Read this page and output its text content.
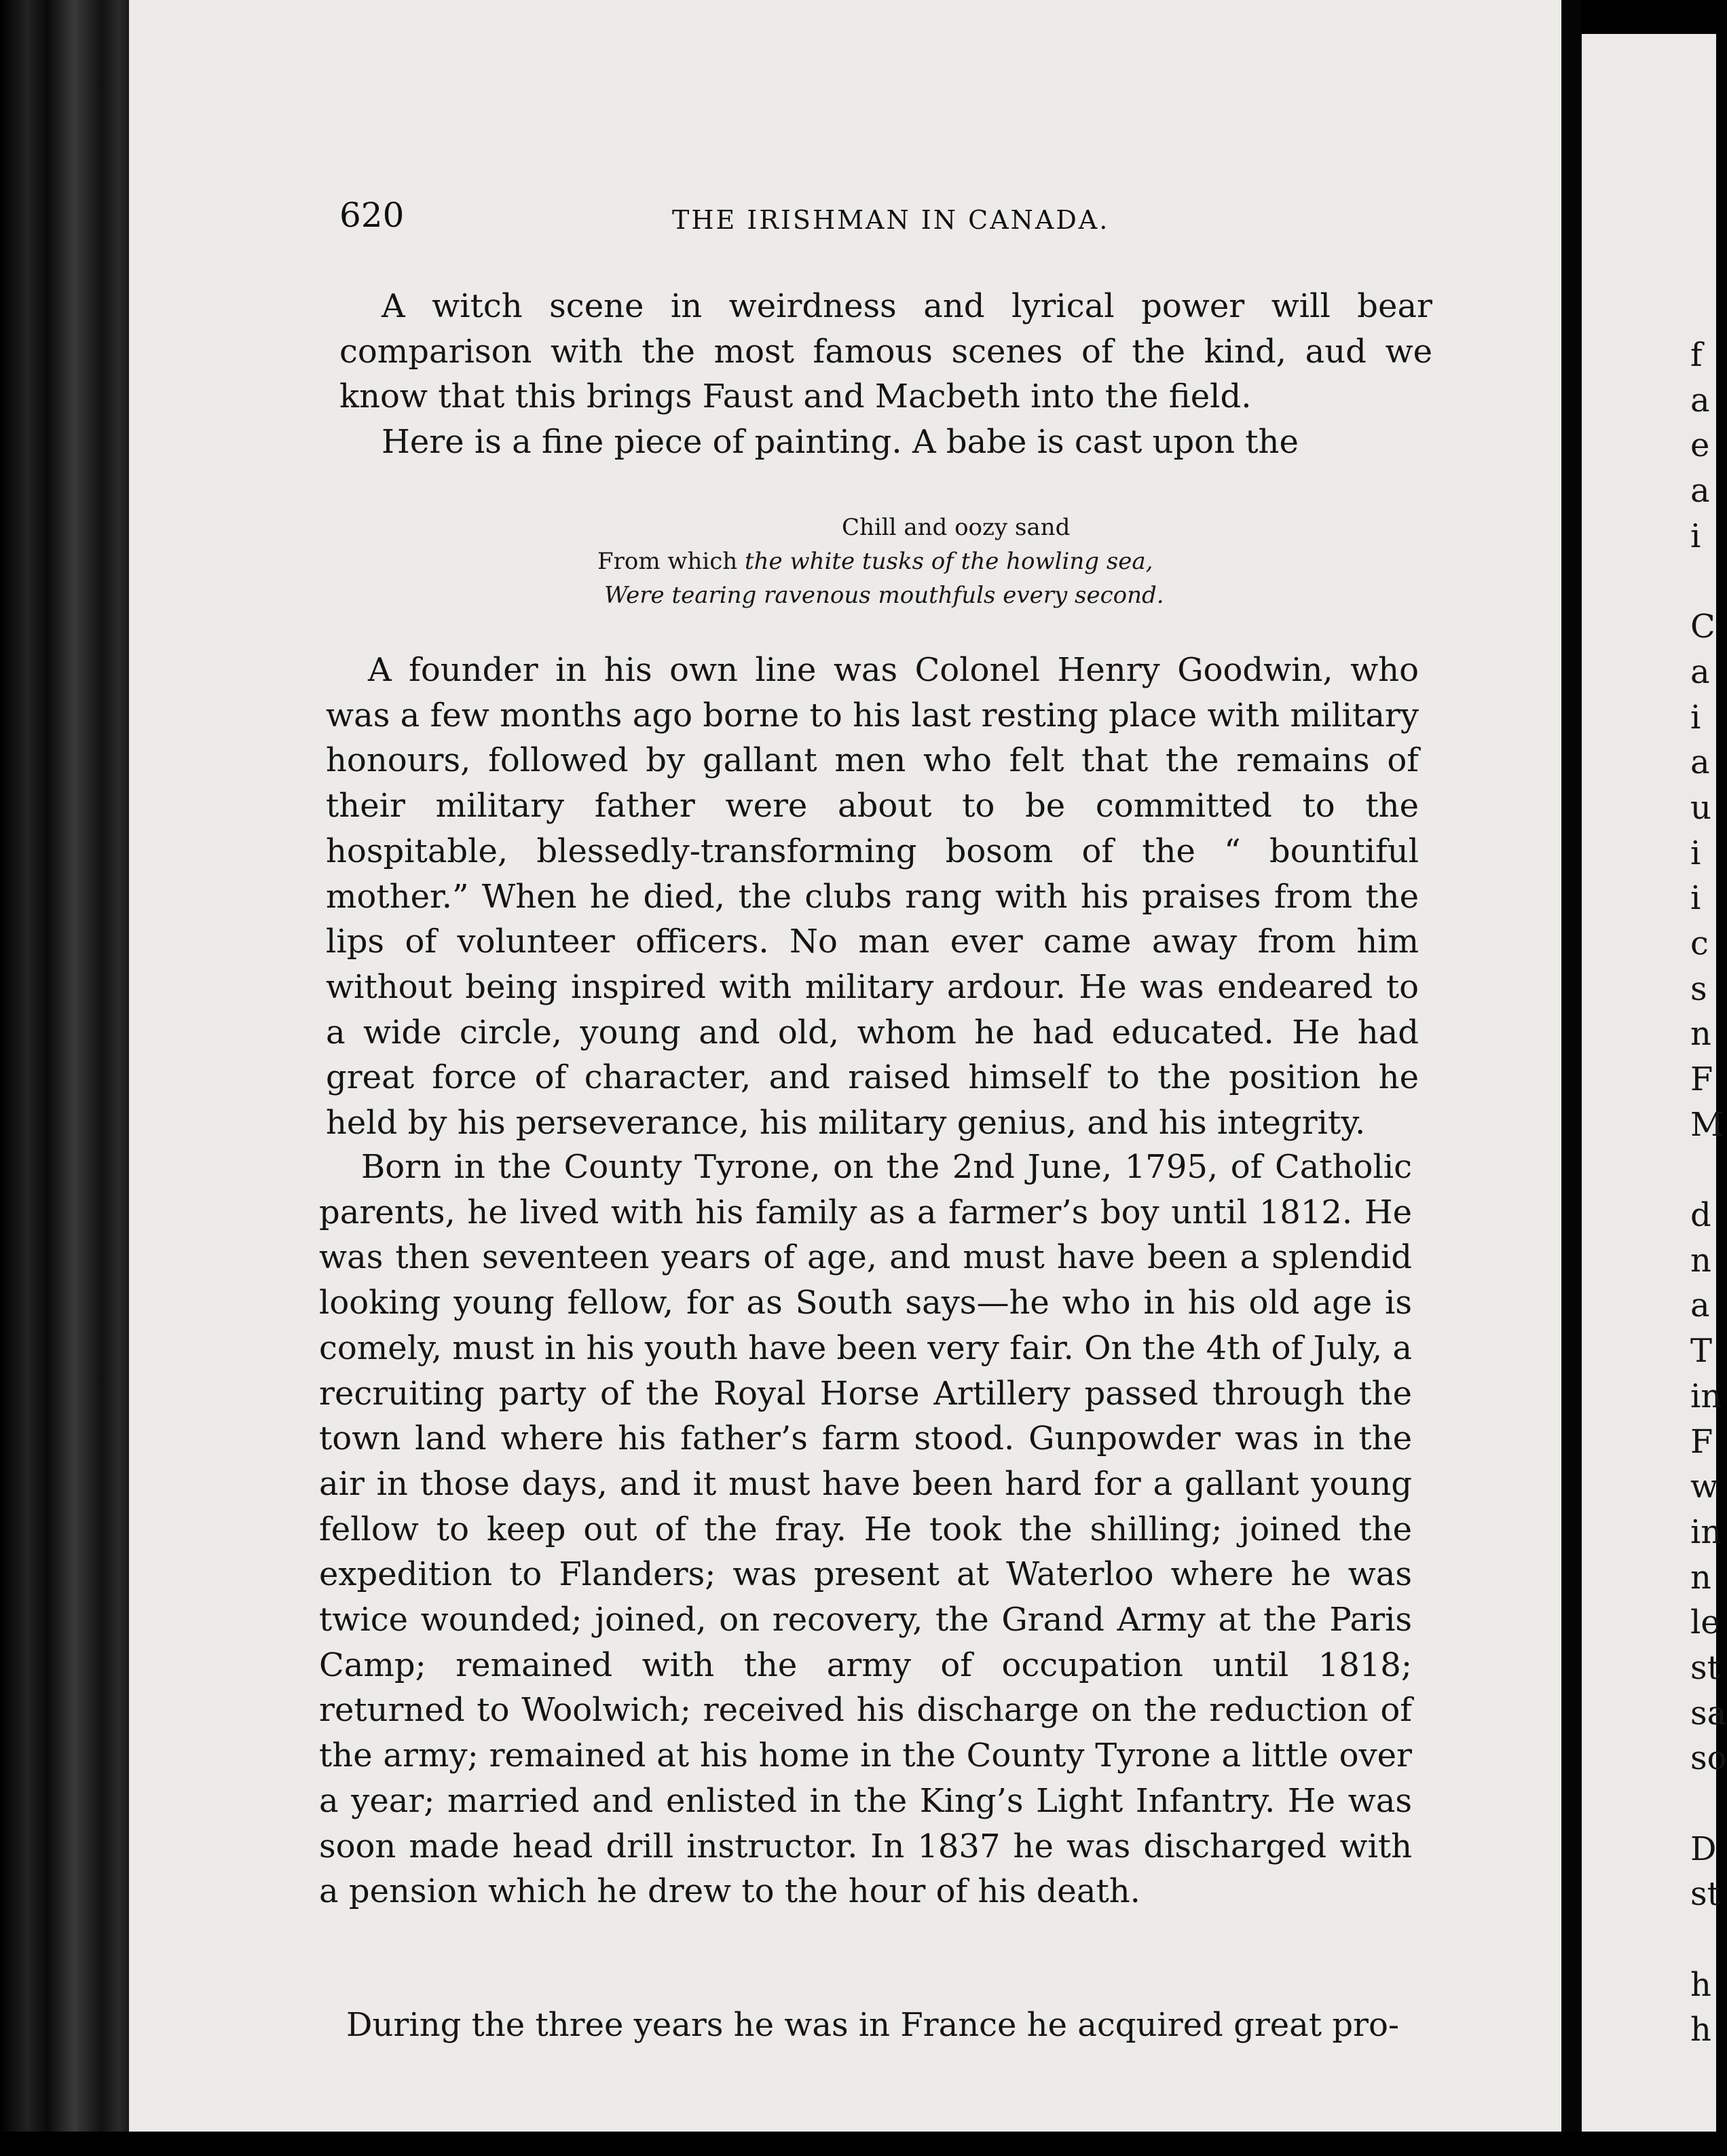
f
a
e
a
i
C
a
i
a
u
i
i
c
s
n
F
M
d
n
a
T
in
F
w
in
n
le
st
sa
so
D
st
h
h
620	THE IRISHMAN IN CANADA.

A witch scene in weirdness and lyrical power will bear comparison with the most famous scenes of the kind, aud we know that this brings Faust and Macbeth into the field.

Here is a fine piece of painting. A babe is cast upon the

Chill and oozy sand
From which the white tusks of the howling sea,
Were tearing ravenous mouthfuls every second.

A founder in his own line was Colonel Henry Goodwin, who was a few months ago borne to his last resting place with military honours, followed by gallant men who felt that the remains of their military father were about to be committed to the hospitable, blessedly-transforming bosom of the “ bountiful mother.” When he died, the clubs rang with his praises from the lips of volunteer officers. No man ever came away from him without being inspired with military ardour. He was endeared to a wide circle, young and old, whom he had educated. He had great force of character, and raised himself to the position he held by his perseverance, his military genius, and his integrity.

Born in the County Tyrone, on the 2nd June, 1795, of Catholic parents, he lived with his family as a farmer’s boy until 1812. He was then seventeen years of age, and must have been a splendid looking young fellow, for as South says—he who in his old age is comely, must in his youth have been very fair. On the 4th of July, a recruiting party of the Royal Horse Artillery passed through the town land where his father’s farm stood. Gunpowder was in the air in those days, and it must have been hard for a gallant young fellow to keep out of the fray. He took the shilling; joined the expedition to Flanders; was present at Waterloo where he was twice wounded; joined, on recovery, the Grand Army at the Paris Camp; remained with the army of occupation until 1818; returned to Woolwich; received his discharge on the reduction of the army; remained at his home in the County Tyrone a little over a year; married and enlisted in the King’s Light Infantry. He was soon made head drill instructor. In 1837 he was discharged with a pension which he drew to the hour of his death.

During the three years he was in France he acquired great pro-
